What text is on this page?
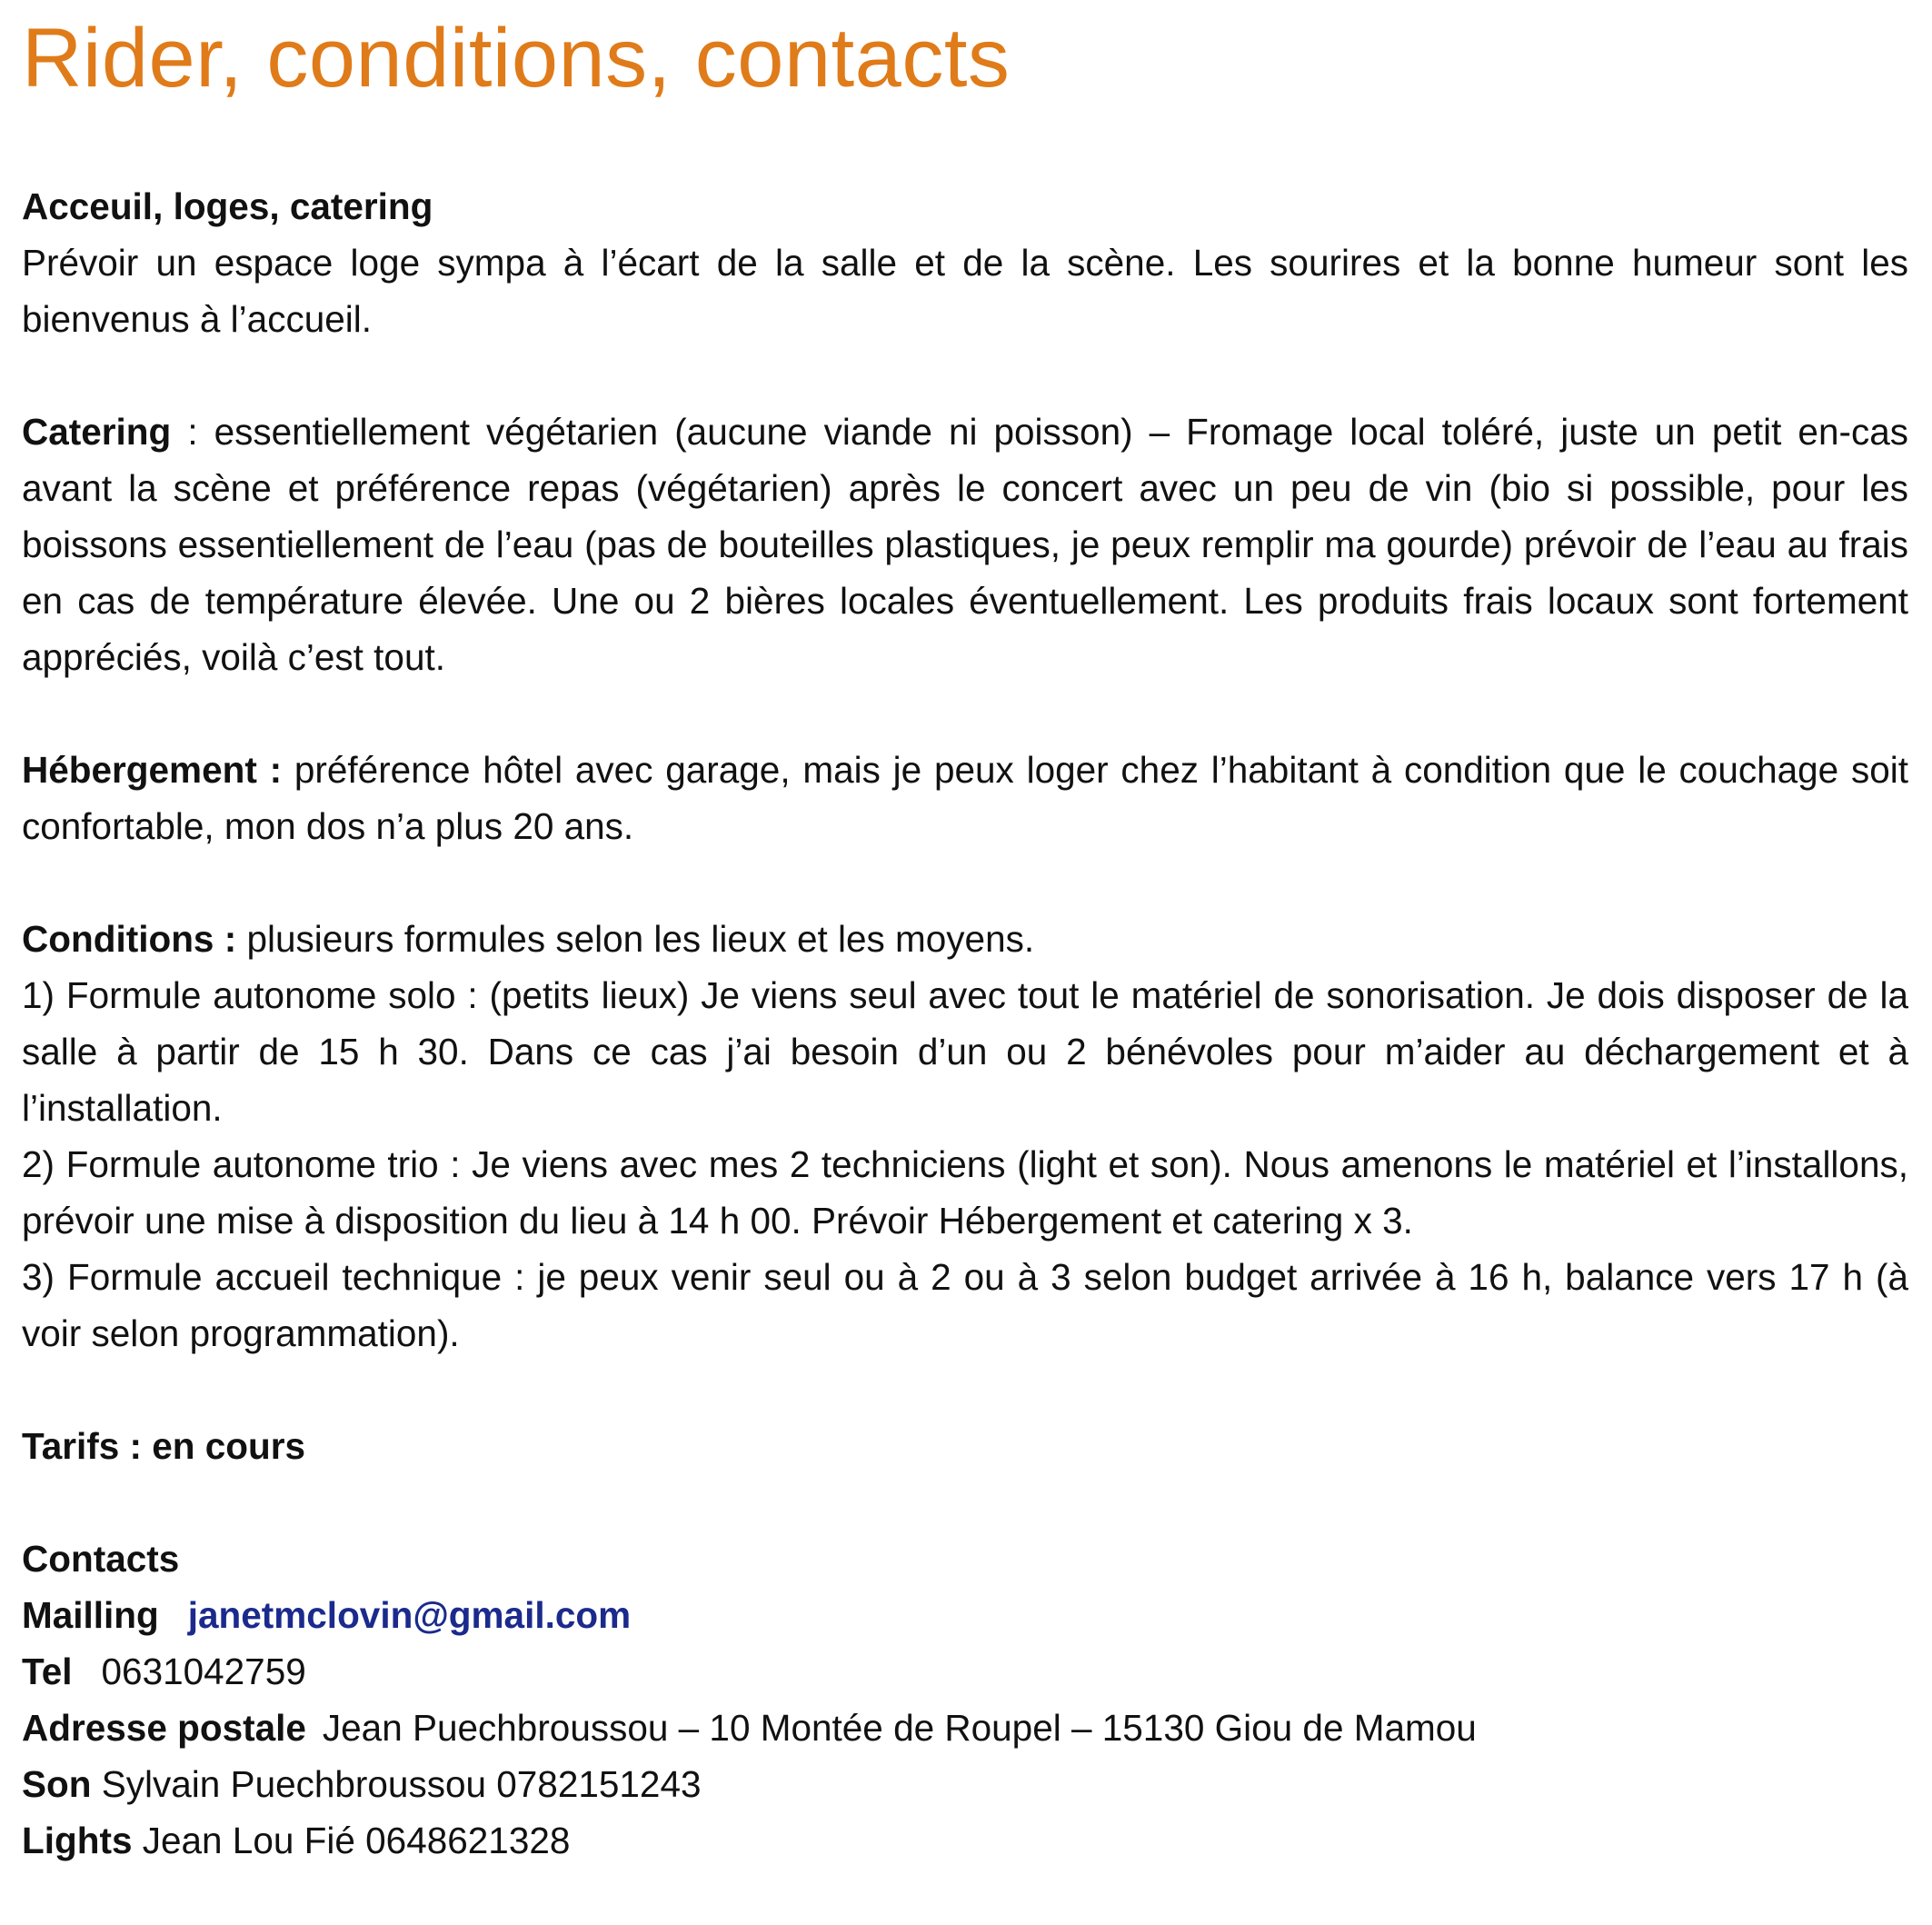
Rider, conditions, contacts

Acceuil, loges, catering

Prévoir un espace loge sympa à l’écart de la salle et de la scène. Les sourires et la bonne humeur sont les bienvenus à l’accueil.

Catering : essentiellement végétarien (aucune viande ni poisson) – Fromage local toléré, juste un petit en-cas avant la scène et préférence repas (végétarien) après le concert avec un peu de vin (bio si possible, pour les boissons essentiellement de l’eau (pas de bouteilles plastiques, je peux remplir ma gourde) prévoir de l’eau au frais en cas de température élevée. Une ou 2 bières locales éventuellement. Les produits frais locaux sont fortement appréciés, voilà c’est tout.

Hébergement : préférence hôtel avec garage, mais je peux loger chez l’habitant à condition que le couchage soit confortable, mon dos n’a plus 20 ans.

Conditions : plusieurs formules selon les lieux et les moyens.

1) Formule autonome solo : (petits lieux) Je viens seul avec tout le matériel de sonorisation. Je dois disposer de la salle à partir de 15 h 30. Dans ce cas j’ai besoin d’un ou 2 bénévoles pour m’aider au déchargement et à l’installation.

2) Formule autonome trio : Je viens avec mes 2 techniciens (light et son). Nous amenons le matériel et l’installons, prévoir une mise à disposition du lieu à 14 h 00. Prévoir Hébergement et catering x 3.

3) Formule accueil technique : je peux venir seul ou à 2 ou à 3 selon budget arrivée à 16 h, balance vers 17 h (à voir selon programmation).

Tarifs : en cours

Contacts

Mailling janetmclovin@gmail.com

Tel 0631042759

Adresse postale Jean Puechbroussou – 10 Montée de Roupel – 15130 Giou de Mamou

Son Sylvain Puechbroussou 0782151243

Lights Jean Lou Fié 0648621328
